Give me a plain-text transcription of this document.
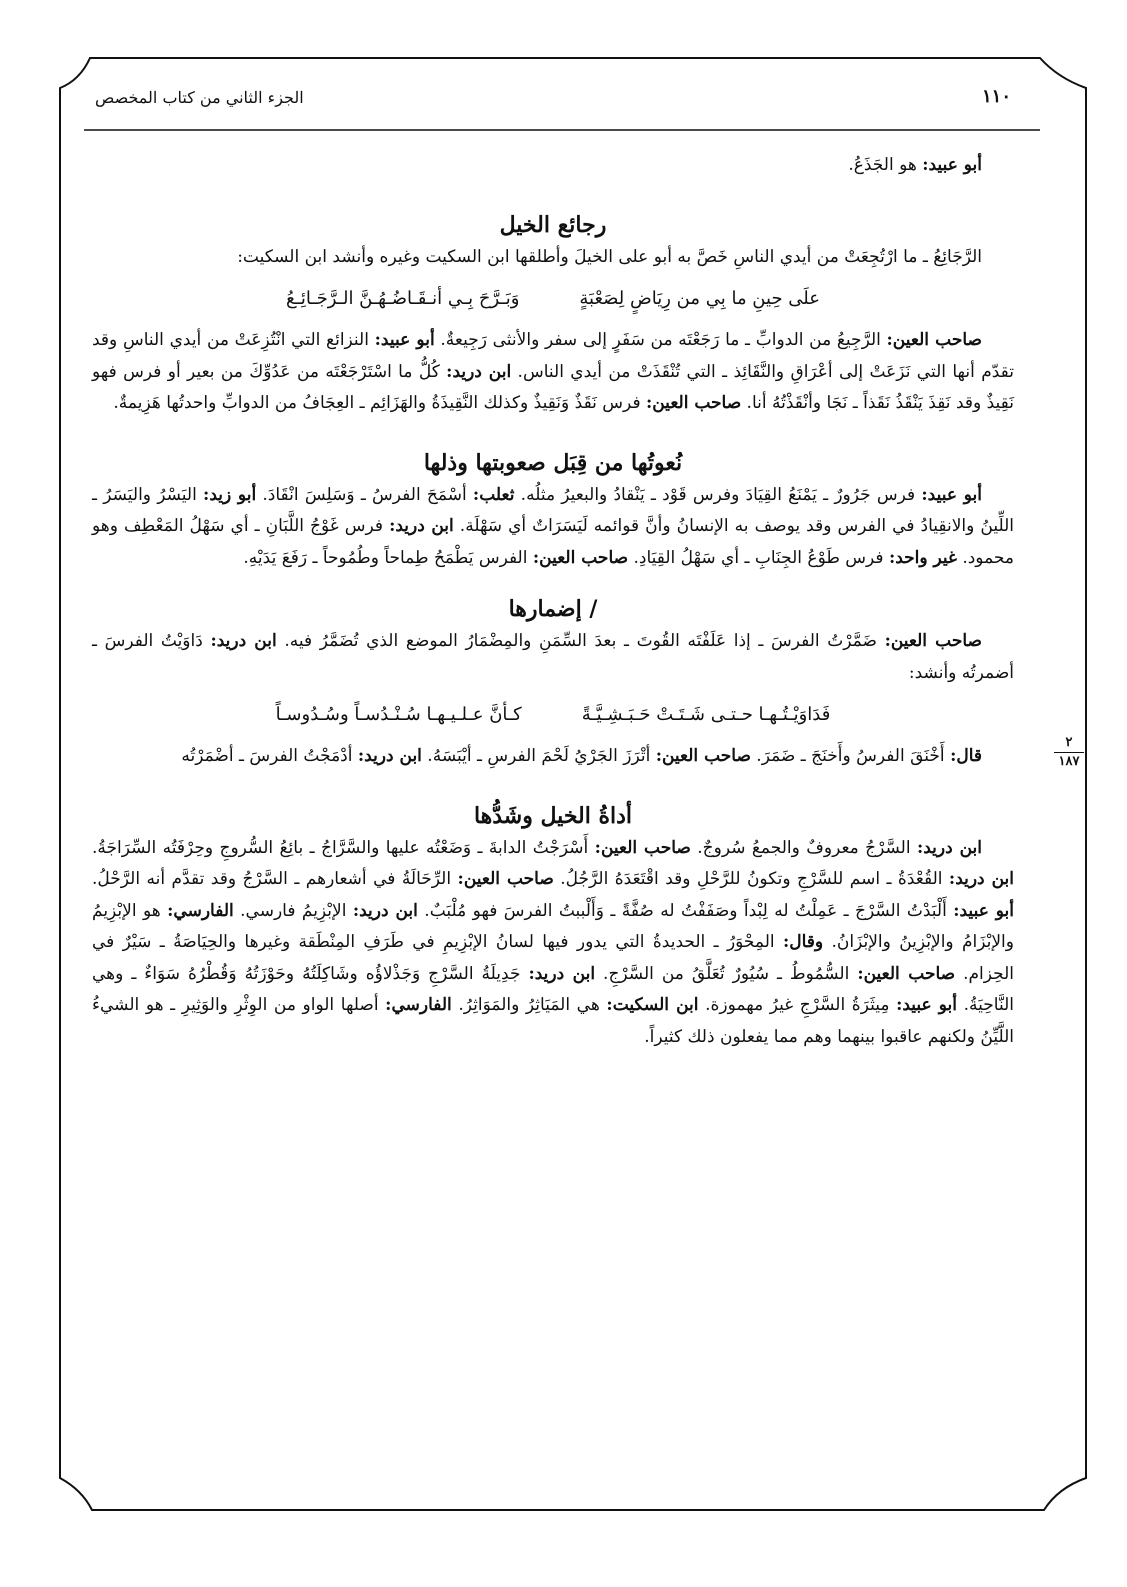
١١٠
الجزء الثاني من كتاب المخصص
٢
١٨٧

أبو عبيد: هو الجَذَعُ.

رجائع الخيل

الرَّجَائِعُ ـ ما ارْتُجِعَتْ من أيدي الناسِ خَصَّ به أبو على الخيلَ وأطلقها ابن السكيت وغيره وأنشد ابن السكيت:

علَى حِينِ ما بِي من رِيَاضٍ لِصَعْبَةٍ
وَبَـرَّحَ بِـي أنـقَـاضُـهُـنَّ الـرَّجَـائِـعُ

صاحب العين: الرَّجِيعُ من الدوابِّ ـ ما رَجَعْتَه من سَفَرٍ إلى سفر والأنثى رَجِيعةٌ. أبو عبيد: النزائع التي انْتُزِعَتْ من أيدي الناسِ وقد تقدّم أنها التي نَزَعَتْ إلى أعْرَاقِ والنَّقَائِذ ـ التي تُنْقَذَتْ من أيدي الناس. ابن دريد: كُلُّ ما اسْتَرْجَعْتَه من عَدُوِّكَ من بعير أو فرس فهو نَقِيذٌ وقد نَقِذَ يَنْقَذُ نَقَذاً ـ نَجَا وأنْقَذْتُهُ أنا. صاحب العين: فرس نَقَذٌ وَنَقِيذٌ وكذلك النَّقِيذَةُ والهَزَائِم ـ العِجَافُ من الدوابِّ واحدتُها هَزِيمةٌ.

نُعوتُها من قِبَل صعوبتها وذلها

أبو عبيد: فرس جَرُورٌ ـ يَمْنَعُ القِيَادَ وفرس قَوْد ـ يَنْقادُ والبعيرُ مثلُه. ثعلب: أسْمَحَ الفرسُ ـ وَسَلِسَ انْقَادَ. أبو زيد: اليَسْرُ واليَسَرُ ـ اللِّينُ والانقِيادُ في الفرس وقد يوصف به الإنسانُ وأنَّ قوائمه لَيَسَرَاتٌ أي سَهْلَة. ابن دريد: فرس غَوْجُ اللَّبَانِ ـ أي سَهْلُ المَعْطِف وهو محمود. غير واحد: فرس طَوْعُ الجِنَابِ ـ أي سَهْلُ القِيَادِ. صاحب العين: الفرس يَطْمَحُ طِماحاً وطُمُوحاً ـ رَفَعَ يَدَيْهِ.

/ إضمارها

صاحب العين: ضَمَّرْتُ الفرسَ ـ إذا عَلَفْتَه القُوتَ ـ بعدَ السِّمَنِ والمِضْمَارُ الموضع الذي تُضَمَّرُ فيه. ابن دريد: دَاوَيْتُ الفرسَ ـ أضمرتُه وأنشد:

فَدَاوَيْـتُـهـا حـتـى شَـتَـتْ حَـبَـشِـيَّـةً
كـأنَّ عـلـيـهـا سُـنْـدُسـاً وسُـدُوسـاً

قال: أَخْنَقَ الفرسُ وأَخنَجَ ـ ضَمَرَ. صاحب العين: أتْرَزَ الجَرْيُ لَحْمَ الفرسِ ـ أيْبَسَهُ. ابن دريد: أدْمَجْتُ الفرسَ ـ أضْمَرْتُه

أداةُ الخيل وشَدُّها

ابن دريد: السَّرْجُ معروفٌ والجمعُ سُروجٌ. صاحب العين: أَسْرَجْتُ الدابةَ ـ وَضَعْتُه عليها والسَّرَّاجُ ـ بائِعُ السُّروجِ وحِرْفَتُه السِّرَاجَةُ. ابن دريد: القُعْدَةُ ـ اسم للسَّرْجِ وتكونُ للرَّحْلِ وقد اقْتَعَدَهُ الرَّجُلُ. صاحب العين: الرِّحَالَةُ في أشعارهم ـ السَّرْجُ وقد تقدَّم أنه الرَّحْلُ. أبو عبيد: أَلْبَدْتُ السَّرْجَ ـ عَمِلْتُ له لِبْداً وصَفَفْتُ له صُفَّةً ـ وَأَلْببتُ الفرسَ فهو مُلْبَبٌ. ابن دريد: الإبْزِيمُ فارسي. الفارسي: هو الإبْزِيمُ والإبْزَامُ والإبْزِينُ والإبْزَانُ. وقال: المِحْوَرُ ـ الحديدةُ التي يدور فيها لسانُ الإبْزِيمِ في طَرَفِ المِنْطَقة وغيرها والحِيَاصَةُ ـ سَيْرٌ في الحِزام. صاحب العين: السُّمُوطُ ـ سُيُورٌ تُعَلَّقُ من السَّرْجِ. ابن دريد: جَدِيلَةُ السَّرْجِ وَجَذْلاؤُه وشَاكِلَتُهُ وحَوْزَتُهُ وَقُطْرُهُ سَوَاءٌ ـ وهي النَّاحِيَةُ. أبو عبيد: مِيثَرَةُ السَّرْجِ غيرُ مهموزة. ابن السكيت: هي المَيَاثِرُ والمَوَاثِرُ. الفارسي: أصلها الواو من الوِثْرِ والوَثِيرِ ـ هو الشيءُ اللَّيِّنُ ولكنهم عاقبوا بينهما وهم مما يفعلون ذلك كثيراً.
